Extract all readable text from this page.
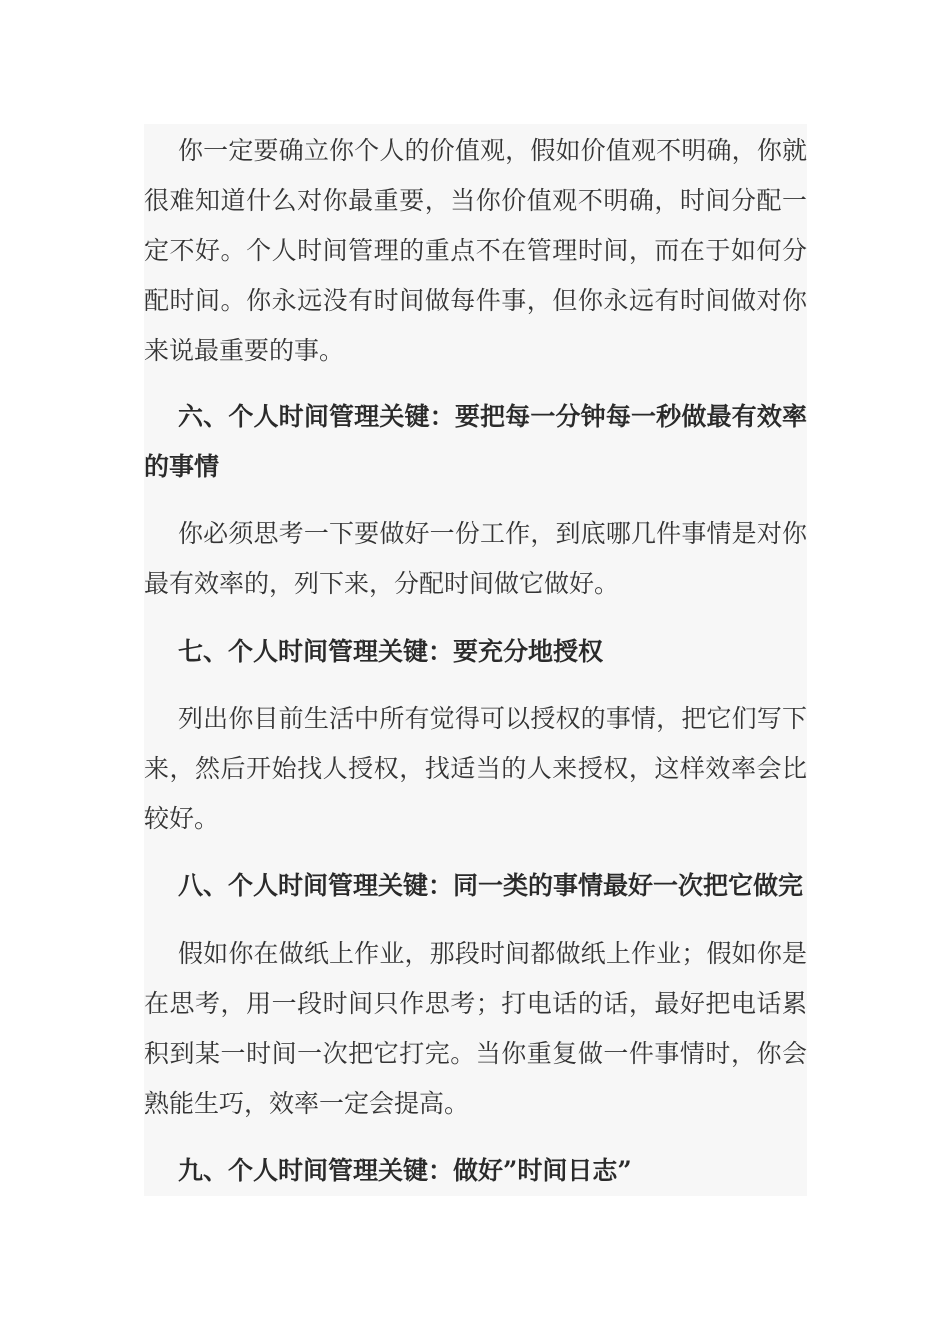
你一定要确立你个人的价值观，假如价值观不明确，你就很难知道什么对你最重要，当你价值观不明确，时间分配一定不好。个人时间管理的重点不在管理时间，而在于如何分配时间。你永远没有时间做每件事，但你永远有时间做对你来说最重要的事。

六、个人时间管理关键：要把每一分钟每一秒做最有效率的事情

你必须思考一下要做好一份工作，到底哪几件事情是对你最有效率的，列下来，分配时间做它做好。

七、个人时间管理关键：要充分地授权

列出你目前生活中所有觉得可以授权的事情，把它们写下来，然后开始找人授权，找适当的人来授权，这样效率会比较好。

八、个人时间管理关键：同一类的事情最好一次把它做完

假如你在做纸上作业，那段时间都做纸上作业；假如你是在思考，用一段时间只作思考；打电话的话，最好把电话累积到某一时间一次把它打完。当你重复做一件事情时，你会熟能生巧，效率一定会提高。

九、个人时间管理关键：做好”时间日志”
